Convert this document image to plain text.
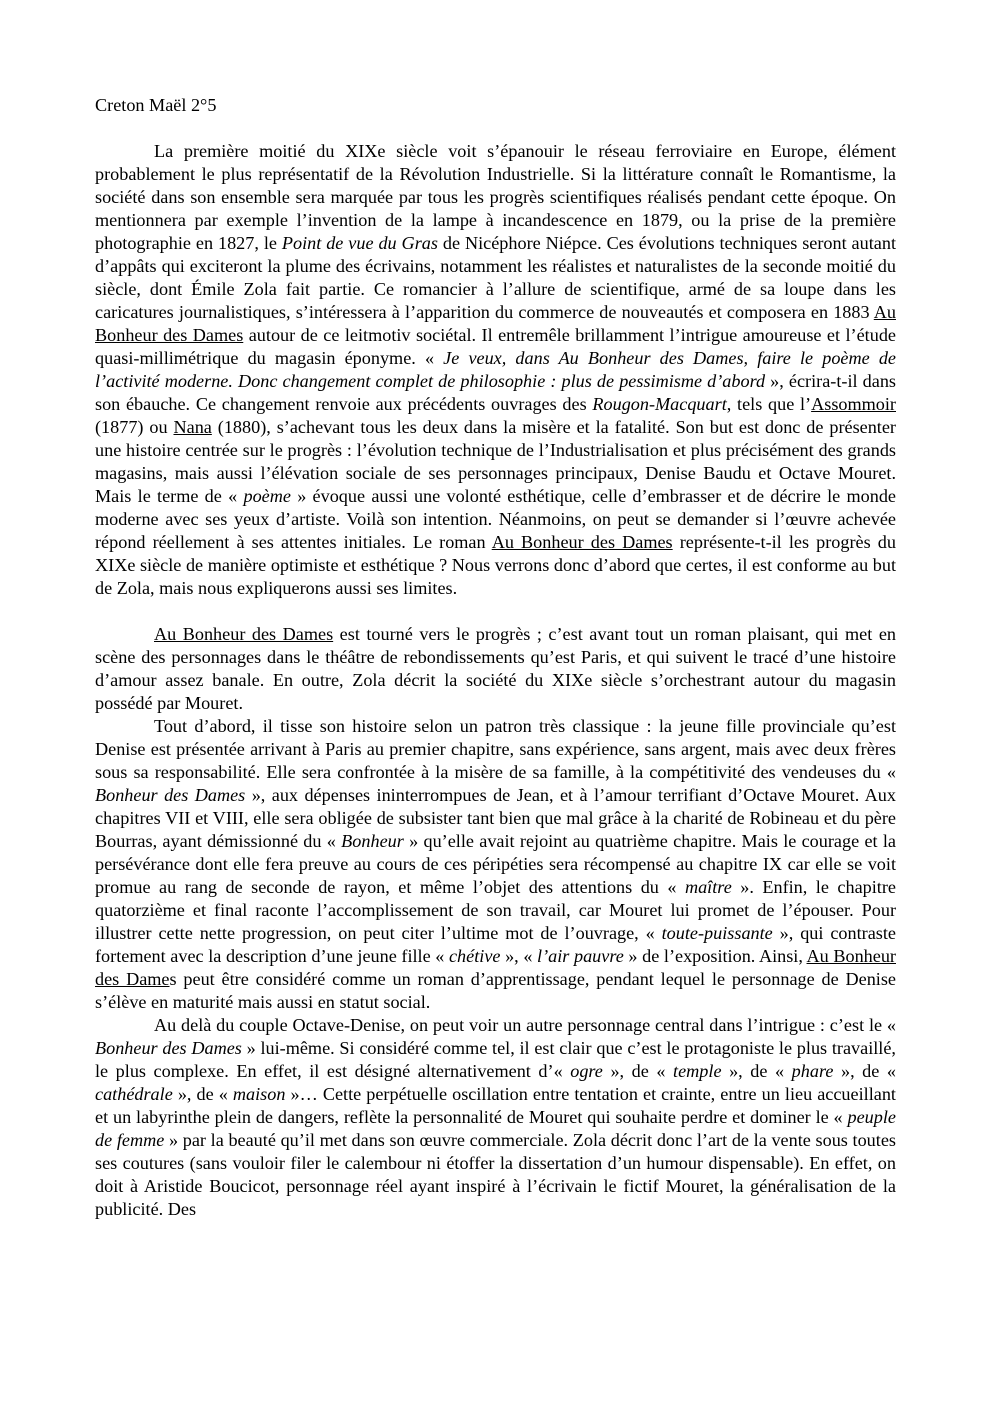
Creton Maël 2°5

La première moitié du XIXe siècle voit s’épanouir le réseau ferroviaire en Europe, élément probablement le plus représentatif de la Révolution Industrielle. Si la littérature connaît le Romantisme, la société dans son ensemble sera marquée par tous les progrès scientifiques réalisés pendant cette époque. On mentionnera par exemple l’invention de la lampe à incandescence en 1879, ou la prise de la première photographie en 1827, le Point de vue du Gras de Nicéphore Niépce. Ces évolutions techniques seront autant d’appâts qui exciteront la plume des écrivains, notamment les réalistes et naturalistes de la seconde moitié du siècle, dont Émile Zola fait partie. Ce romancier à l’allure de scientifique, armé de sa loupe dans les caricatures journalistiques, s’intéressera à l’apparition du commerce de nouveautés et composera en 1883 Au Bonheur des Dames autour de ce leitmotiv sociétal. Il entremêle brillamment l’intrigue amoureuse et l’étude quasi-millimétrique du magasin éponyme. « Je veux, dans Au Bonheur des Dames, faire le poème de l’activité moderne. Donc changement complet de philosophie : plus de pessimisme d’abord », écrira-t-il dans son ébauche. Ce changement renvoie aux précédents ouvrages des Rougon-Macquart, tels que l’Assommoir (1877) ou Nana (1880), s’achevant tous les deux dans la misère et la fatalité. Son but est donc de présenter une histoire centrée sur le progrès : l’évolution technique de l’Industrialisation et plus précisément des grands magasins, mais aussi l’élévation sociale de ses personnages principaux, Denise Baudu et Octave Mouret. Mais le terme de « poème » évoque aussi une volonté esthétique, celle d’embrasser et de décrire le monde moderne avec ses yeux d’artiste. Voilà son intention. Néanmoins, on peut se demander si l’œuvre achevée répond réellement à ses attentes initiales. Le roman Au Bonheur des Dames représente-t-il les progrès du XIXe siècle de manière optimiste et esthétique ? Nous verrons donc d’abord que certes, il est conforme au but de Zola, mais nous expliquerons aussi ses limites.

Au Bonheur des Dames est tourné vers le progrès ; c’est avant tout un roman plaisant, qui met en scène des personnages dans le théâtre de rebondissements qu’est Paris, et qui suivent le tracé d’une histoire d’amour assez banale. En outre, Zola décrit la société du XIXe siècle s’orchestrant autour du magasin possédé par Mouret.

Tout d’abord, il tisse son histoire selon un patron très classique : la jeune fille provinciale qu’est Denise est présentée arrivant à Paris au premier chapitre, sans expérience, sans argent, mais avec deux frères sous sa responsabilité. Elle sera confrontée à la misère de sa famille, à la compétitivité des vendeuses du « Bonheur des Dames », aux dépenses ininterrompues de Jean, et à l’amour terrifiant d’Octave Mouret. Aux chapitres VII et VIII, elle sera obligée de subsister tant bien que mal grâce à la charité de Robineau et du père Bourras, ayant démissionné du « Bonheur » qu’elle avait rejoint au quatrième chapitre. Mais le courage et la persévérance dont elle fera preuve au cours de ces péripéties sera récompensé au chapitre IX car elle se voit promue au rang de seconde de rayon, et même l’objet des attentions du « maître ». Enfin, le chapitre quatorzième et final raconte l’accomplissement de son travail, car Mouret lui promet de l’épouser. Pour illustrer cette nette progression, on peut citer l’ultime mot de l’ouvrage, « toute-puissante », qui contraste fortement avec la description d’une jeune fille « chétive », « l’air pauvre » de l’exposition. Ainsi, Au Bonheur des Dames peut être considéré comme un roman d’apprentissage, pendant lequel le personnage de Denise s’élève en maturité mais aussi en statut social.

Au delà du couple Octave-Denise, on peut voir un autre personnage central dans l’intrigue : c’est le « Bonheur des Dames » lui-même. Si considéré comme tel, il est clair que c’est le protagoniste le plus travaillé, le plus complexe. En effet, il est désigné alternativement d’« ogre », de « temple », de « phare », de « cathédrale », de « maison »… Cette perpétuelle oscillation entre tentation et crainte, entre un lieu accueillant et un labyrinthe plein de dangers, reflète la personnalité de Mouret qui souhaite perdre et dominer le « peuple de femme » par la beauté qu’il met dans son œuvre commerciale. Zola décrit donc l’art de la vente sous toutes ses coutures (sans vouloir filer le calembour ni étoffer la dissertation d’un humour dispensable). En effet, on doit à Aristide Boucicot, personnage réel ayant inspiré à l’écrivain le fictif Mouret, la généralisation de la publicité. Des
